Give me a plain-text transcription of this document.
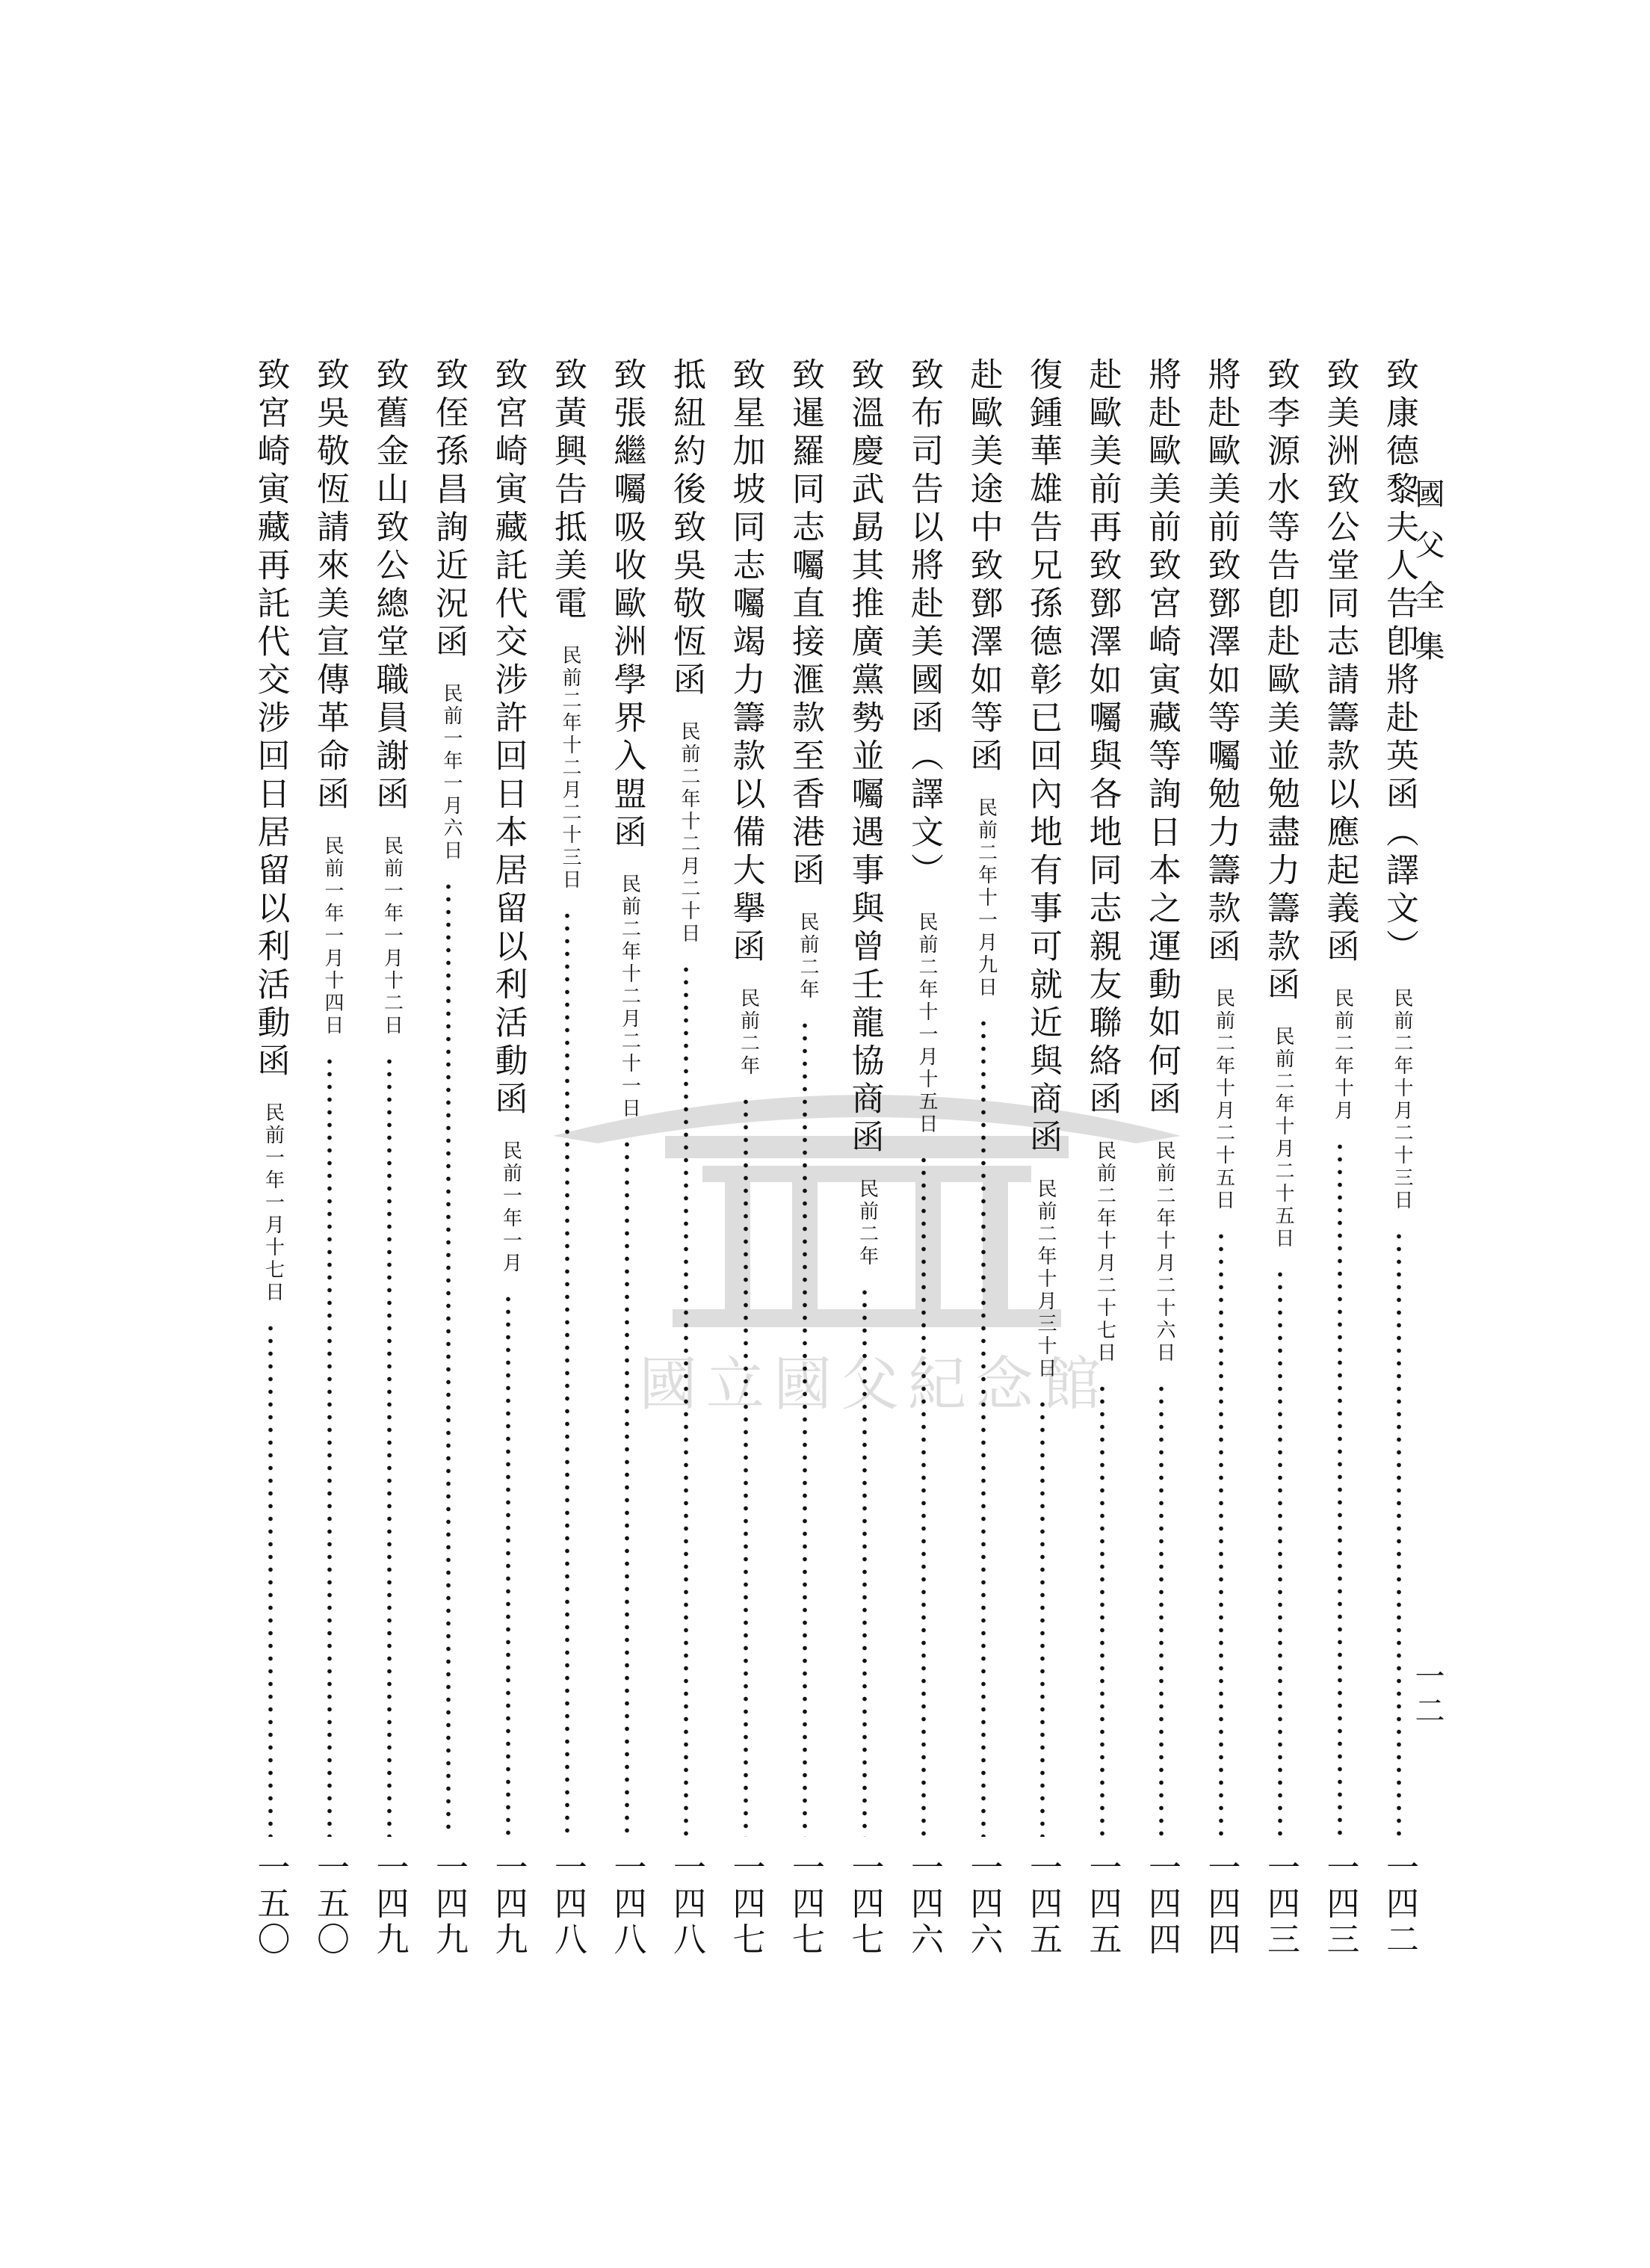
國父全集
一二
國立國父紀念館
致康德黎夫人告卽將赴英函（譯文）
民前二年十月二十三日
一四二
致美洲致公堂同志請籌款以應起義函
民前二年十月
一四三
致李源水等告卽赴歐美並勉盡力籌款函
民前二年十月二十五日
一四三
將赴歐美前致鄧澤如等囑勉力籌款函
民前二年十月二十五日
一四四
將赴歐美前致宮崎寅藏等詢日本之運動如何函
民前二年十月二十六日
一四四
赴歐美前再致鄧澤如囑與各地同志親友聯絡函
民前二年十月二十七日
一四五
復鍾華雄告兄孫德彰已回內地有事可就近與商函
民前二年十月三十日
一四五
赴歐美途中致鄧澤如等函
民前二年十一月九日
一四六
致布司告以將赴美國函（譯文）
民前二年十一月十五日
一四六
致溫慶武勗其推廣黨勢並囑遇事與曾壬龍協商函
民前二年
一四七
致暹羅同志囑直接滙款至香港函
民前二年
一四七
致星加坡同志囑竭力籌款以備大擧函
民前二年
一四七
抵紐約後致吳敬恆函
民前二年十二月二十日
一四八
致張繼囑吸收歐洲學界入盟函
民前二年十二月二十一日
一四八
致黃興告抵美電
民前二年十二月二十三日
一四八
致宮崎寅藏託代交涉許回日本居留以利活動函
民前一年一月
一四九
致侄孫昌詢近況函
民前一年一月六日
一四九
致舊金山致公總堂職員謝函
民前一年一月十二日
一四九
致吳敬恆請來美宣傳革命函
民前一年一月十四日
一五〇
致宮崎寅藏再託代交涉回日居留以利活動函
民前一年一月十七日
一五〇
